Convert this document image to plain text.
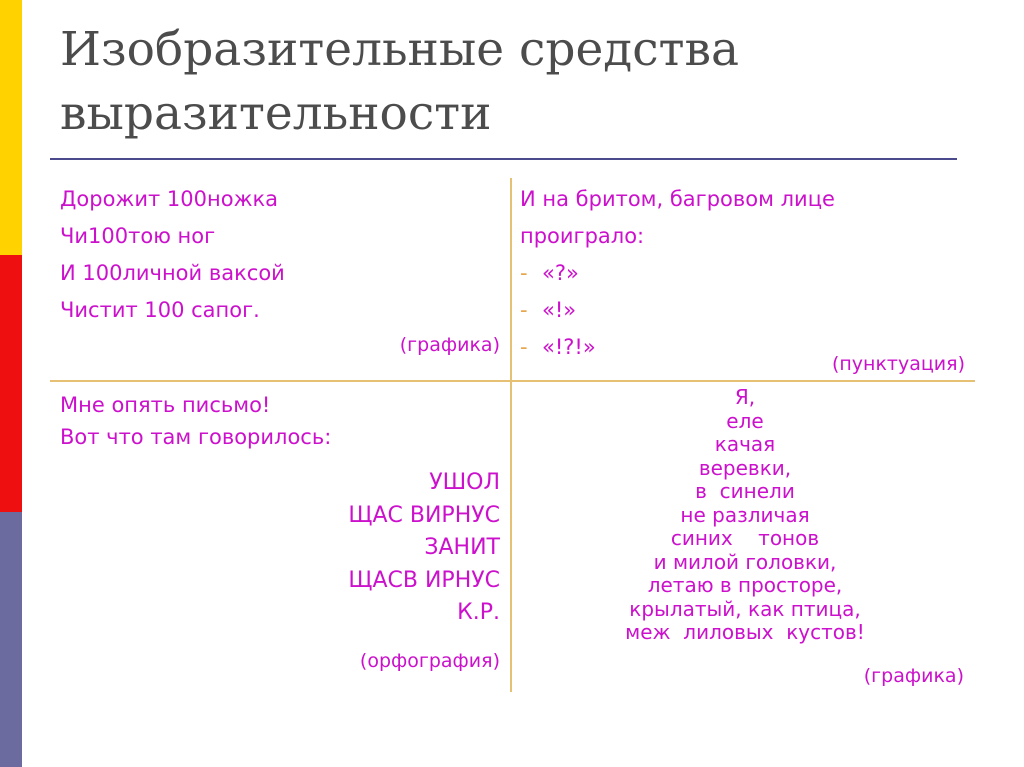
Изобразительные средства
выразительности
Дорожит 100ножка
Чи100тою ног
И 100личной ваксой
Чистит 100 сапог.
(графика)
И на бритом, багровом лице
проиграло:
- «?»
- «!»
- «!?!»
(пунктуация)
Мне опять письмо!
Вот что там говорилось:
УШОЛ
ЩАС ВИРНУС
ЗАНИТ
ЩАСВ ИРНУС
К.Р.
(орфография)
Я,
еле
качая
веревки,
в  синели
не различая
синих    тонов
и милой головки,
летаю в просторе,
крылатый, как птица,
меж  лиловых  кустов!
(графика)
